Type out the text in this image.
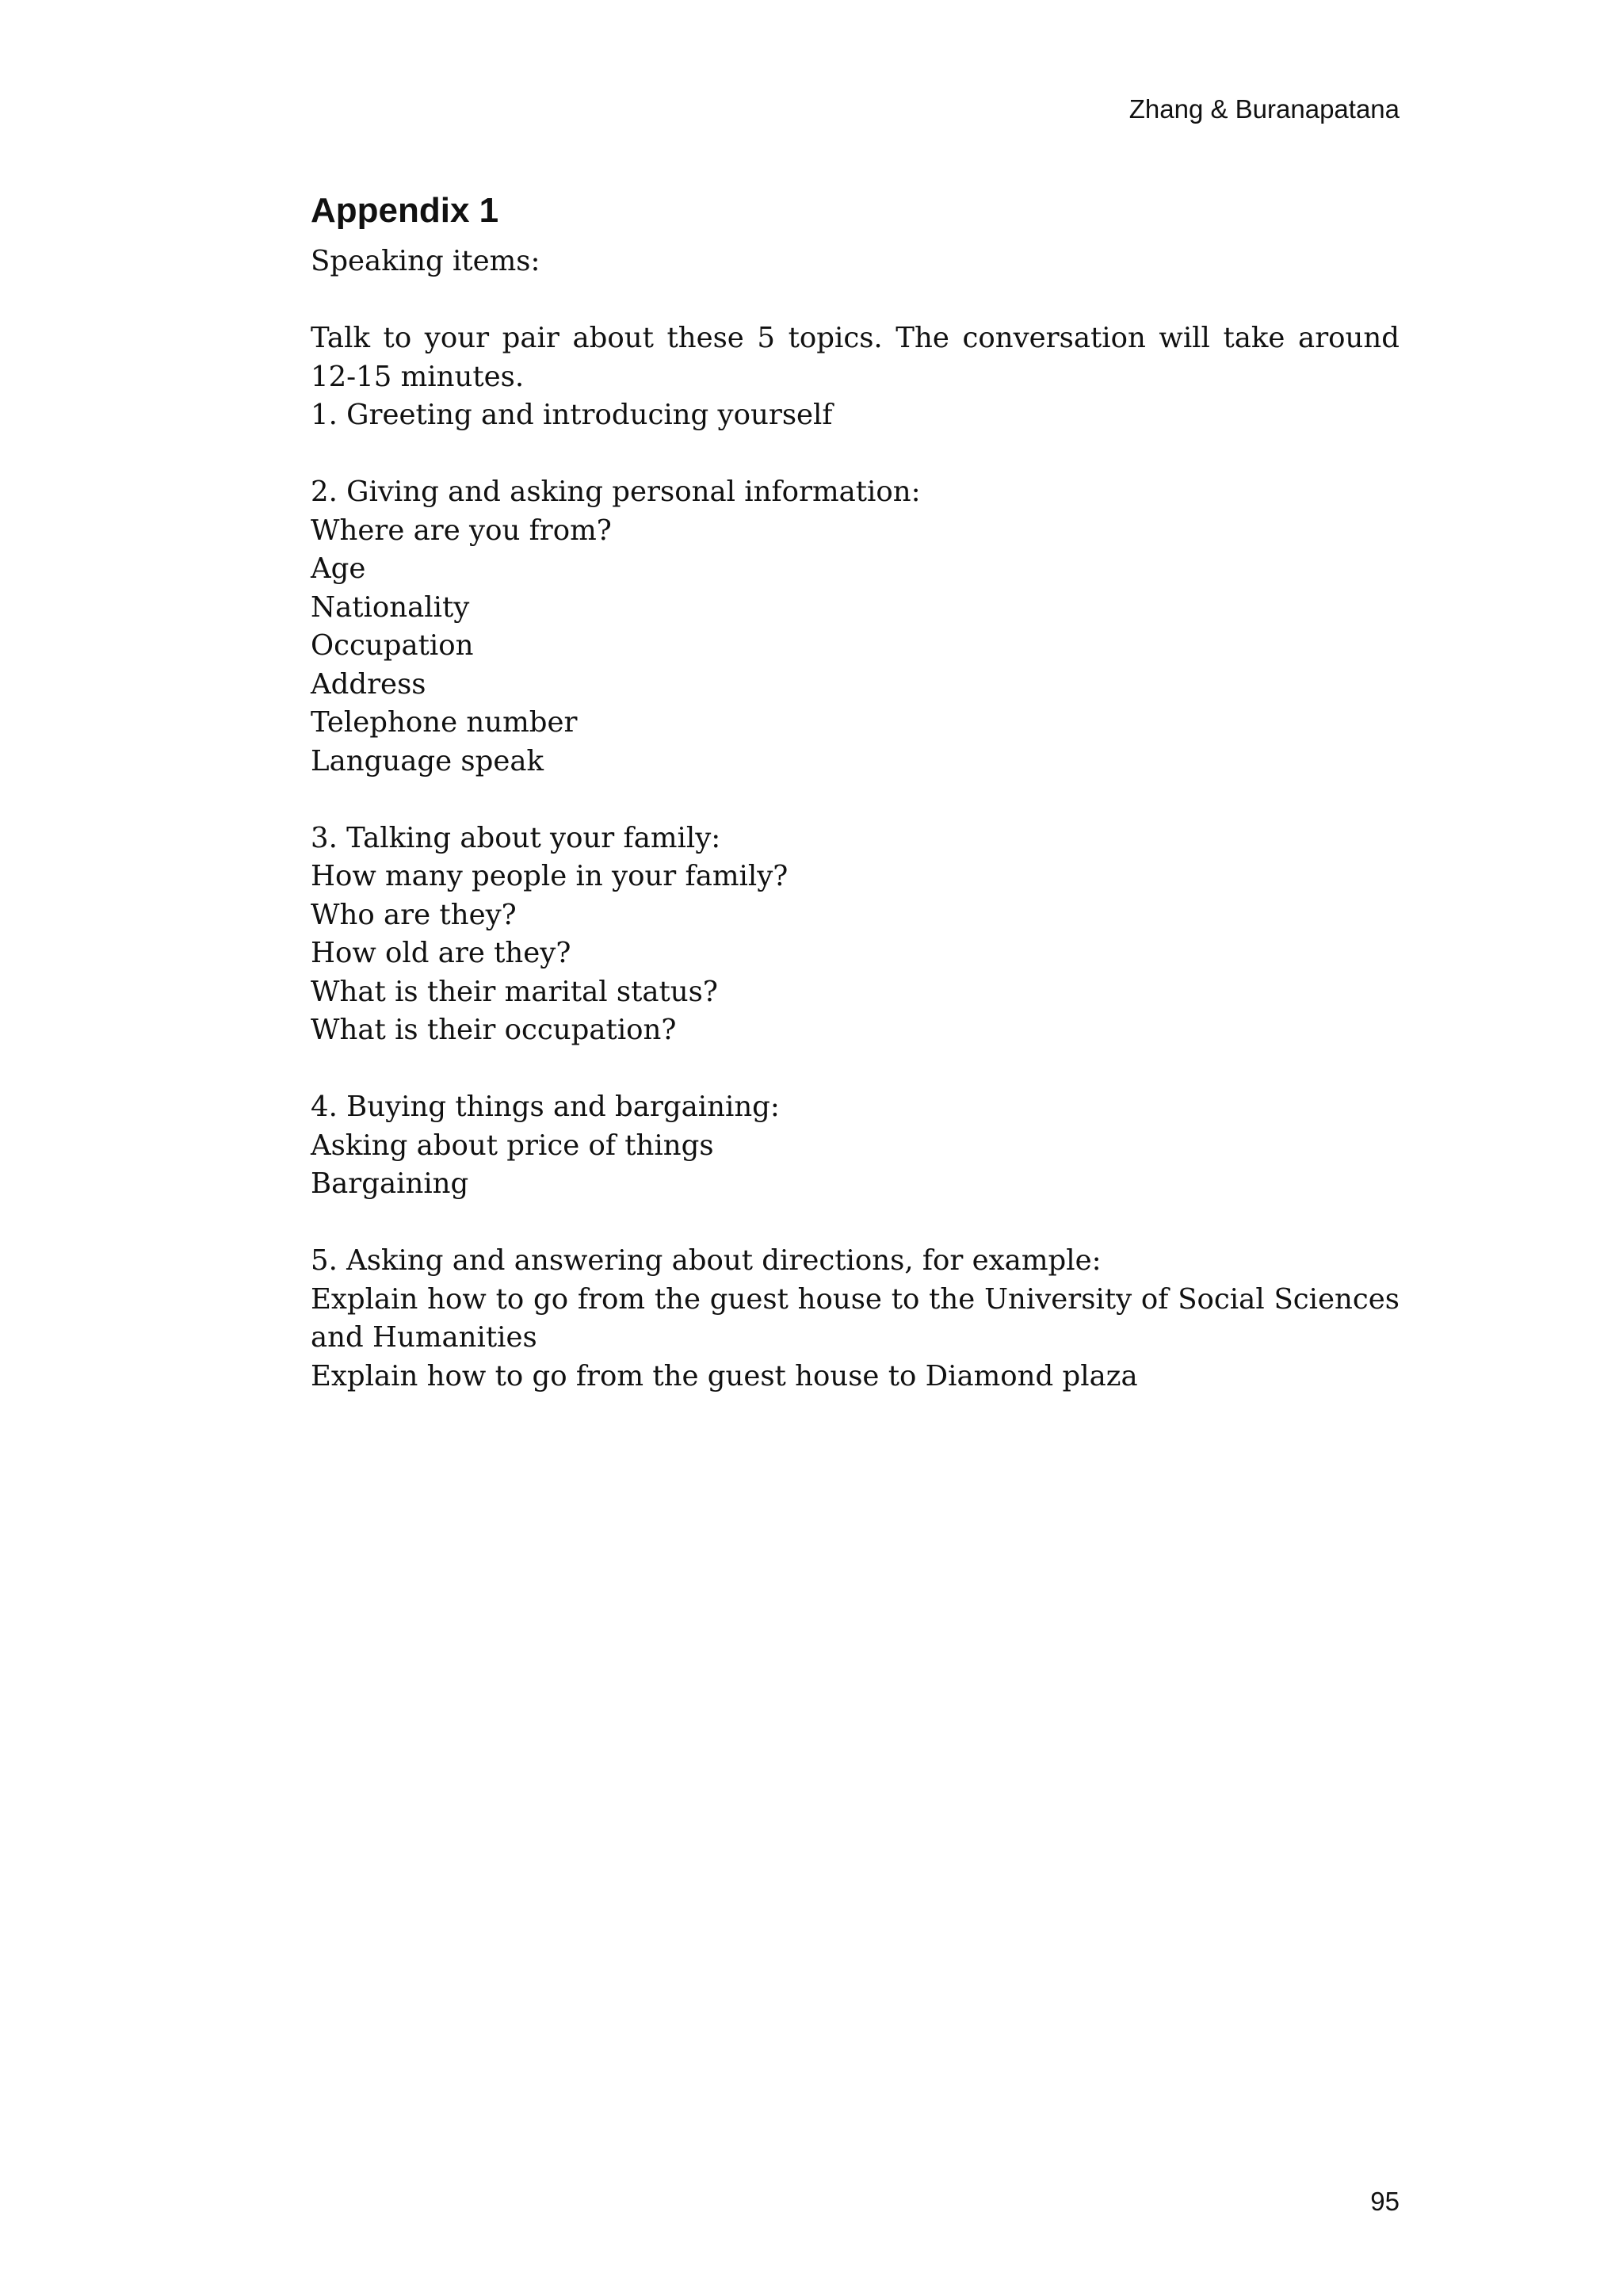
Zhang & Buranapatana
Appendix 1
Speaking items:
Talk to your pair about these 5 topics. The conversation will take around 12-15 minutes.
1. Greeting and introducing yourself
2. Giving and asking personal information:
Where are you from?
Age
Nationality
Occupation
Address
Telephone number
Language speak
3. Talking about your family:
How many people in your family?
Who are they?
How old are they?
What is their marital status?
What is their occupation?
4. Buying things and bargaining:
Asking about price of things
Bargaining
5. Asking and answering about directions, for example:
Explain how to go from the guest house to the University of Social Sciences and Humanities
Explain how to go from the guest house to Diamond plaza
95
